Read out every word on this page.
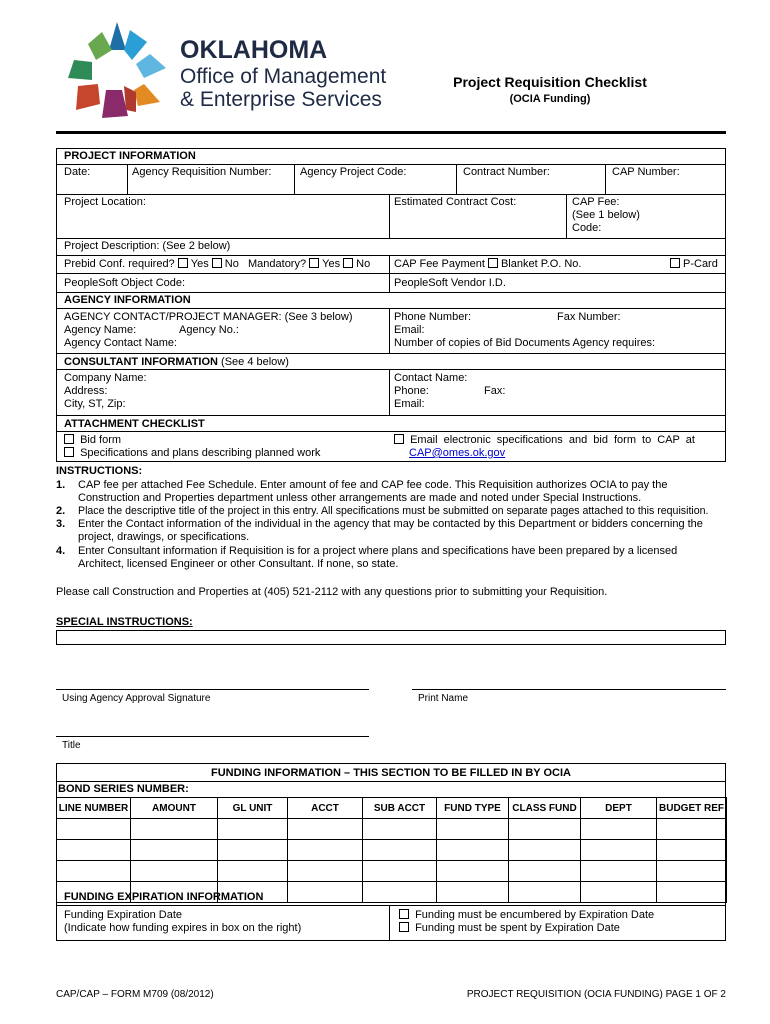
OKLAHOMA
Office of Management
& Enterprise Services
Project Requisition Checklist
(OCIA Funding)
PROJECT INFORMATION
Date:	Agency Requisition Number:	Agency Project Code:	Contract Number:	CAP Number:
Project Location:	Estimated Contract Cost:	CAP Fee:
(See 1 below)
Code:
Project Description: (See 2 below)
Prebid Conf. required? Yes No Mandatory? Yes No CAP Fee Payment Blanket P.O. No.	P-Card
PeopleSoft Object Code:	PeopleSoft Vendor I.D.
AGENCY INFORMATION
AGENCY CONTACT/PROJECT MANAGER: (See 3 below)
Agency Name:	Agency No.:
Agency Contact Name:
Phone Number:	Fax Number:
Email:
Number of copies of Bid Documents Agency requires:
CONSULTANT INFORMATION (See 4 below)
Company Name:
Address:
City, ST, Zip:
Contact Name:
Phone:	Fax:
Email:
ATTACHMENT CHECKLIST
Bid form
Specifications and plans describing planned work
Email electronic specifications and bid form to CAP at
CAP@omes.ok.gov
INSTRUCTIONS:
1. CAP fee per attached Fee Schedule. Enter amount of fee and CAP fee code. This Requisition authorizes OCIA to pay the
Construction and Properties department unless other arrangements are made and noted under Special Instructions.
2. Place the descriptive title of the project in this entry. All specifications must be submitted on separate pages attached to this requisition.
3. Enter the Contact information of the individual in the agency that may be contacted by this Department or bidders concerning the
project, drawings, or specifications.
4. Enter Consultant information if Requisition is for a project where plans and specifications have been prepared by a licensed
Architect, licensed Engineer or other Consultant. If none, so state.
Please call Construction and Properties at (405) 521-2112 with any questions prior to submitting your Requisition.
SPECIAL INSTRUCTIONS:
Using Agency Approval Signature	Print Name
Title
FUNDING INFORMATION – THIS SECTION TO BE FILLED IN BY OCIA
BOND SERIES NUMBER:
LINE NUMBER	AMOUNT	GL UNIT	ACCT	SUB ACCT	FUND TYPE	CLASS FUND	DEPT	BUDGET REF

FUNDING EXPIRATION INFORMATION
Funding Expiration Date
(Indicate how funding expires in box on the right)
Funding must be encumbered by Expiration Date
Funding must be spent by Expiration Date
CAP/CAP – FORM M709 (08/2012)	PROJECT REQUISITION (OCIA FUNDING) PAGE 1 OF 2
